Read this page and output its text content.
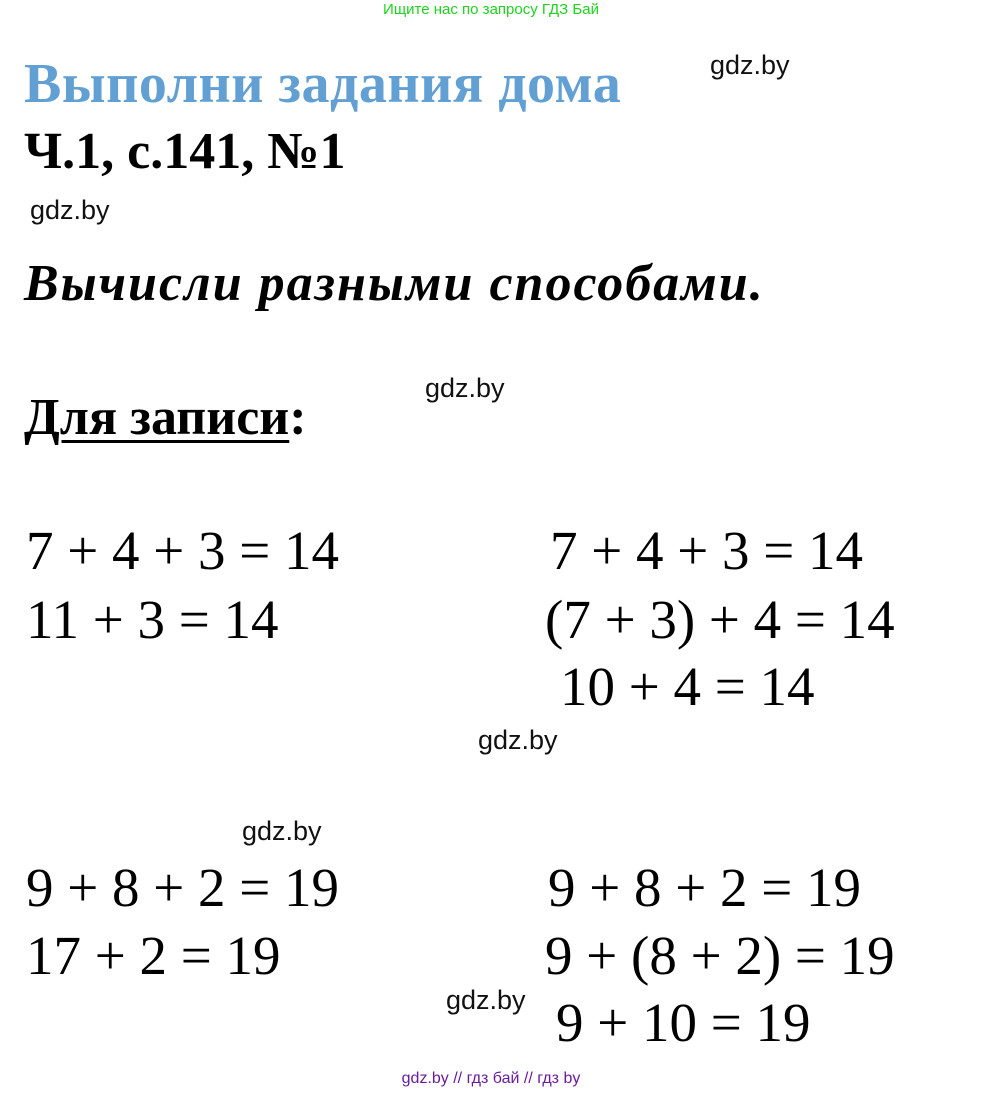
Ищите нас по запросу ГДЗ Бай
Выполни задания дома	gdz.by
Ч.1, с.141, №1
gdz.by
Вычисли разными способами.
gdz.by
Для записи:
7 + 4 + 3 = 14
11 + 3 = 14
7 + 4 + 3 = 14
(7 + 3) + 4 = 14
10 + 4 = 14
gdz.by
gdz.by
9 + 8 + 2 = 19
17 + 2 = 19
9 + 8 + 2 = 19
9 + (8 + 2) = 19
9 + 10 = 19
gdz.by
gdz.by // гдз бай // гдз by
